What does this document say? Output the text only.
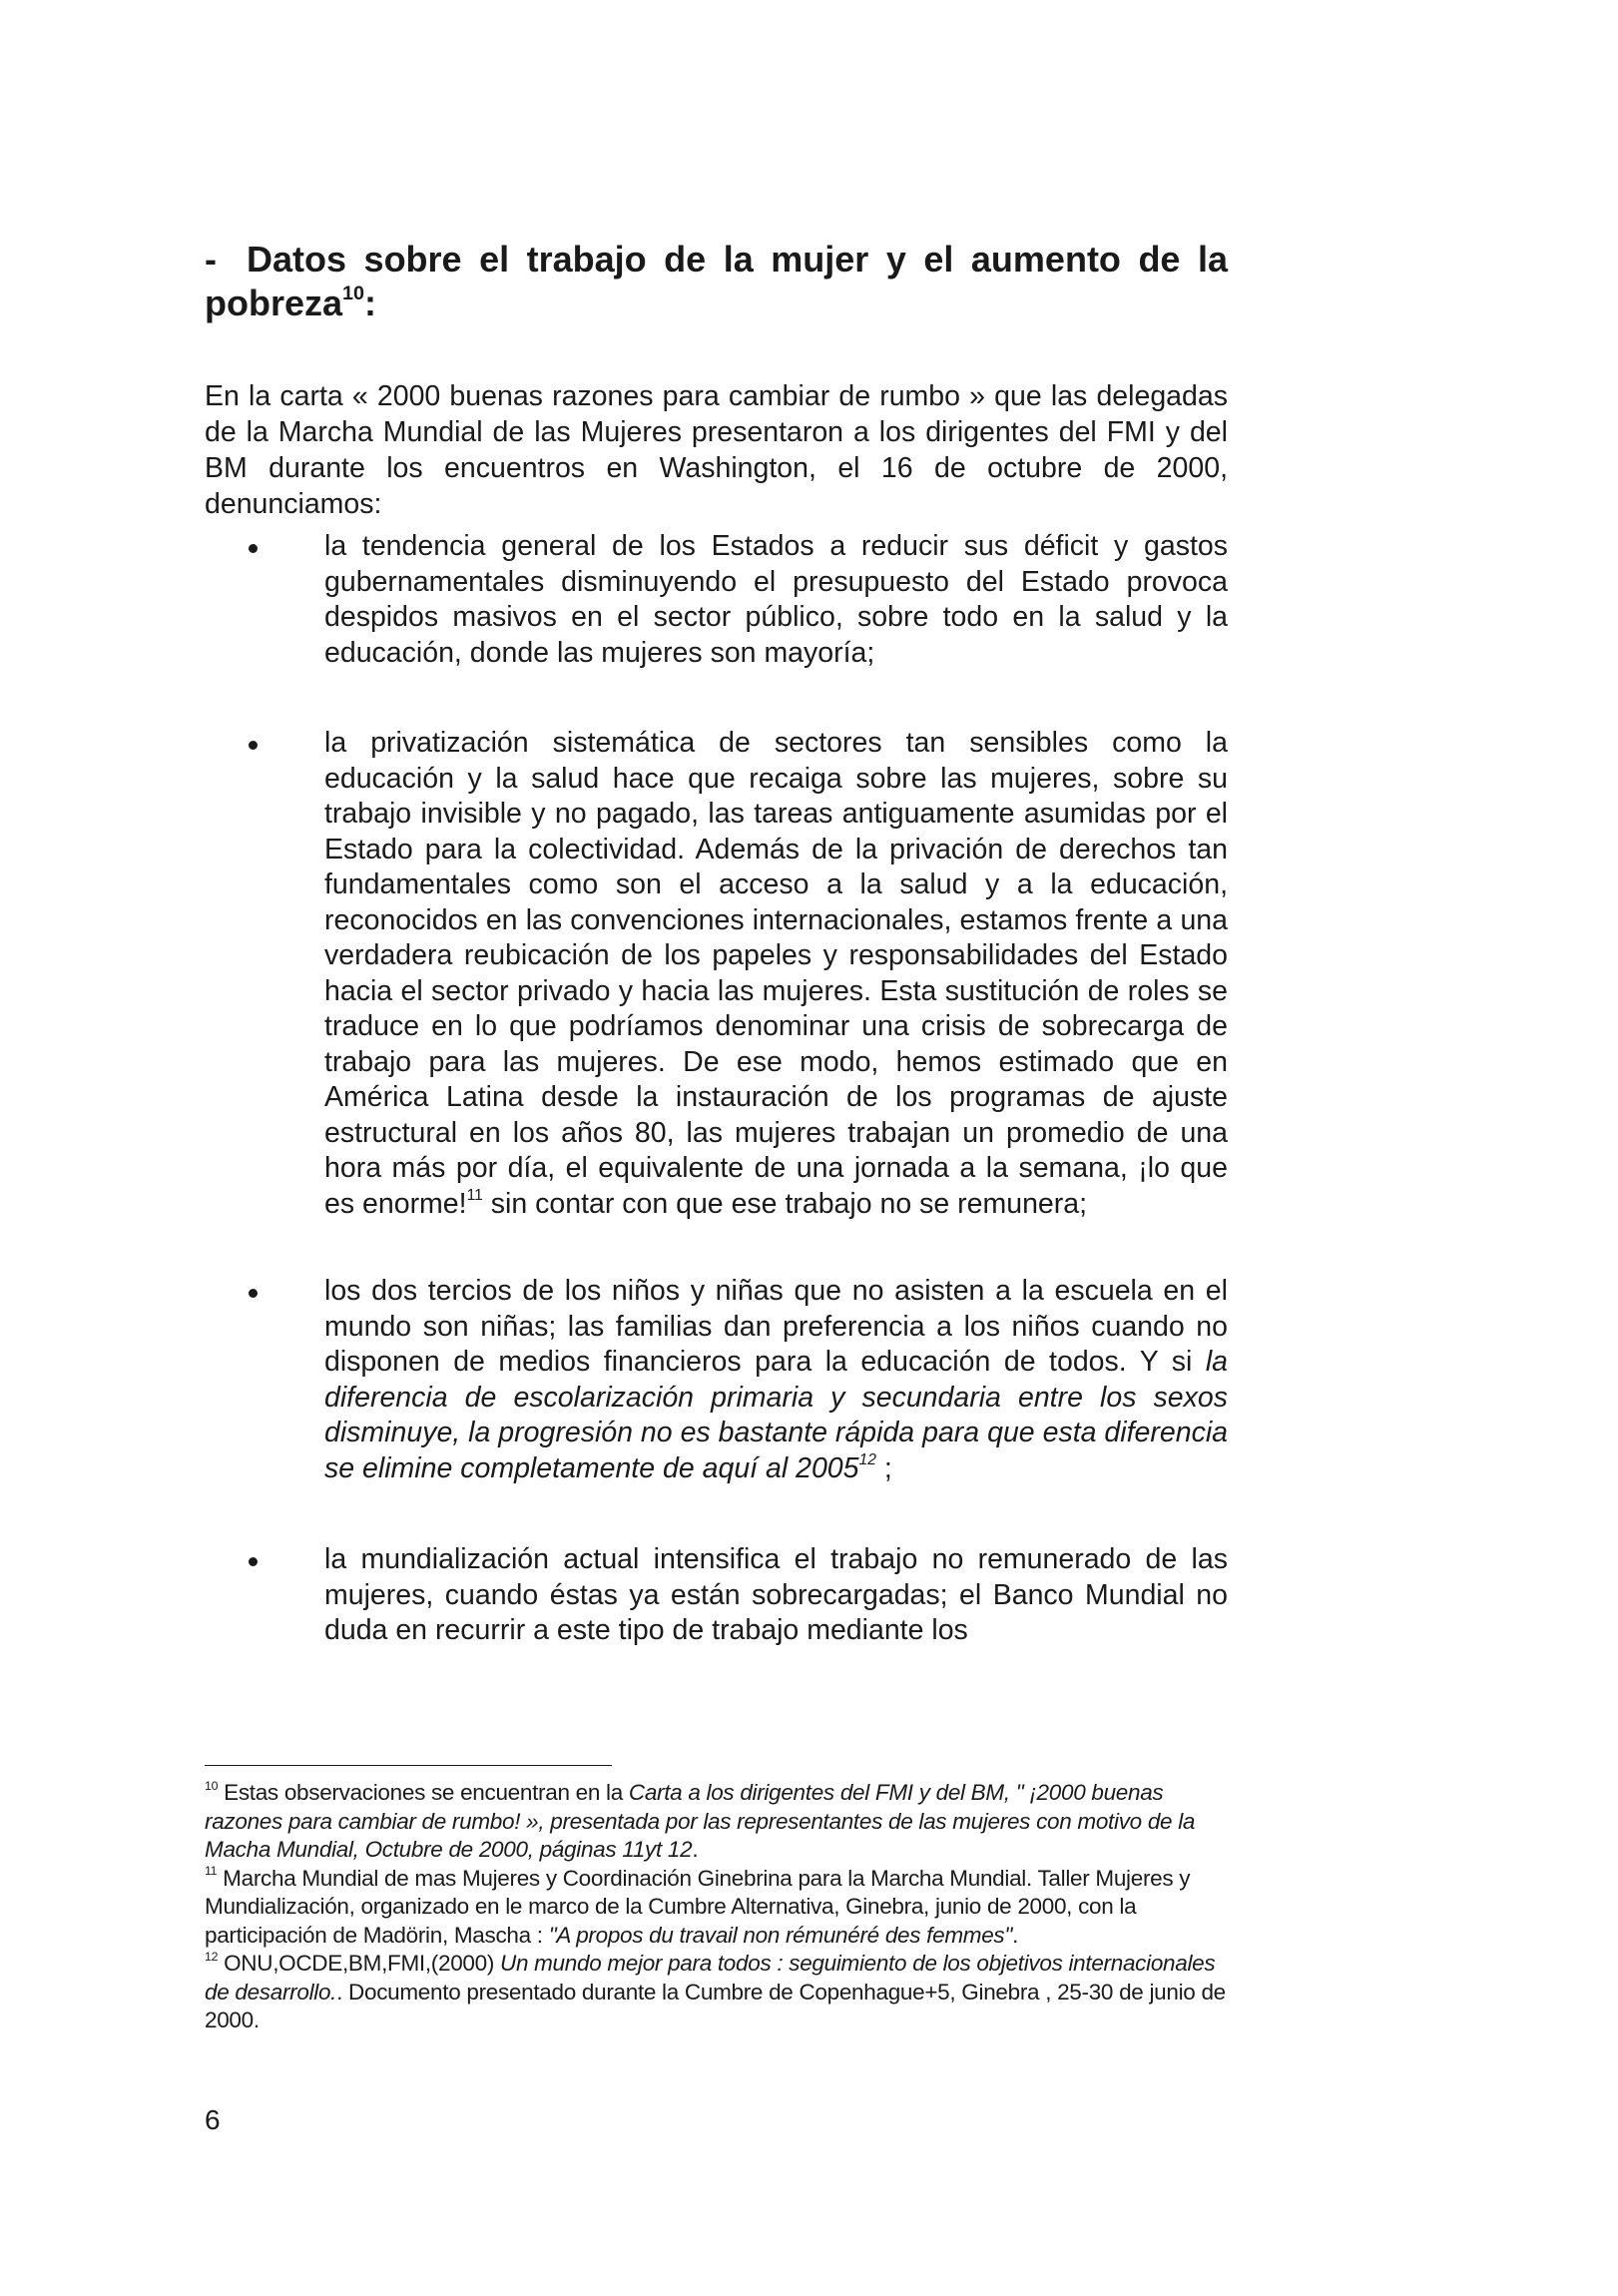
- Datos sobre el trabajo de la mujer y el aumento de la pobreza$^{10}$:

En la carta « 2000 buenas razones para cambiar de rumbo » que las delegadas de la Marcha Mundial de las Mujeres presentaron a los dirigentes del FMI y del BM durante los encuentros en Washington, el 16 de octubre de 2000, denunciamos:

la tendencia general de los Estados a reducir sus déficit y gastos gubernamentales disminuyendo el presupuesto del Estado provoca despidos masivos en el sector público, sobre todo en la salud y la educación, donde las mujeres son mayoría;
la privatización sistemática de sectores tan sensibles como la educación y la salud hace que recaiga sobre las mujeres, sobre su trabajo invisible y no pagado, las tareas antiguamente asumidas por el Estado para la colectividad. Además de la privación de derechos tan fundamentales como son el acceso a la salud y a la educación, reconocidos en las convenciones internacionales, estamos frente a una verdadera reubicación de los papeles y responsabilidades del Estado hacia el sector privado y hacia las mujeres. Esta sustitución de roles se traduce en lo que podríamos denominar una crisis de sobrecarga de trabajo para las mujeres. De ese modo, hemos estimado que en América Latina desde la instauración de los programas de ajuste estructural en los años 80, las mujeres trabajan un promedio de una hora más por día, el equivalente de una jornada a la semana, ¡lo que es enorme!$^{11}$ sin contar con que ese trabajo no se remunera;
los dos tercios de los niños y niñas que no asisten a la escuela en el mundo son niñas; las familias dan preferencia a los niños cuando no disponen de medios financieros para la educación de todos. Y si la diferencia de escolarización primaria y secundaria entre los sexos disminuye, la progresión no es bastante rápida para que esta diferencia se elimine completamente de aquí al 2005$^{12}$ ;
la mundialización actual intensifica el trabajo no remunerado de las mujeres, cuando éstas ya están sobrecargadas; el Banco Mundial no duda en recurrir a este tipo de trabajo mediante los

$^{10}$ Estas observaciones se encuentran en la Carta a los dirigentes del FMI y del BM, " ¡2000 buenas razones para cambiar de rumbo! », presentada por las representantes de las mujeres con motivo de la Macha Mundial, Octubre de 2000, páginas 11yt 12.

$^{11}$ Marcha Mundial de mas Mujeres y Coordinación Ginebrina para la Marcha Mundial. Taller Mujeres y Mundialización, organizado en le marco de la Cumbre Alternativa, Ginebra, junio de 2000, con la participación de Madörin, Mascha : "A propos du travail non rémunéré des femmes".

$^{12}$ ONU,OCDE,BM,FMI,(2000) Un mundo mejor para todos : seguimiento de los objetivos internacionales de desarrollo.. Documento presentado durante la Cumbre de Copenhague+5, Ginebra , 25-30 de junio de 2000.

6
